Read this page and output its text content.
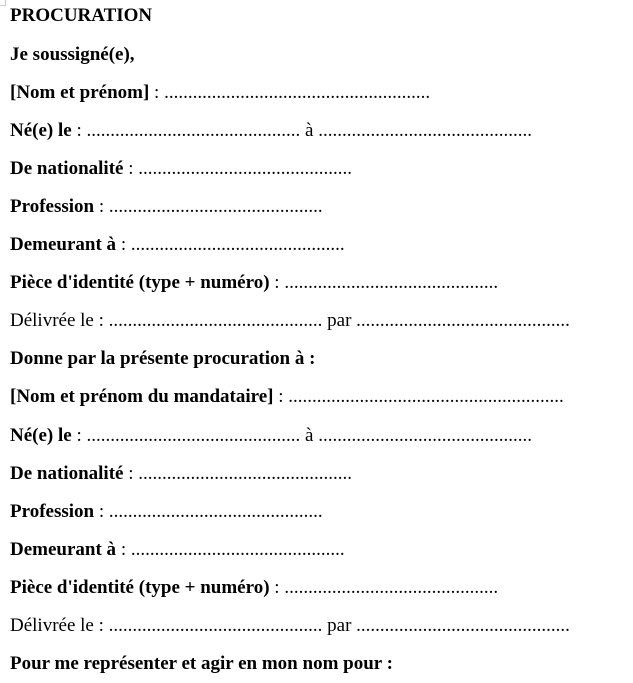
PROCURATION
Je soussigné(e),
[Nom et prénom] : ........................................................
Né(e) le : ............................................. à .............................................
De nationalité : .............................................
Profession : .............................................
Demeurant à : .............................................
Pièce d'identité (type + numéro) : .............................................
Délivrée le : ............................................. par .............................................
Donne par la présente procuration à :
[Nom et prénom du mandataire] : ..........................................................
Né(e) le : ............................................. à .............................................
De nationalité : .............................................
Profession : .............................................
Demeurant à : .............................................
Pièce d'identité (type + numéro) : .............................................
Délivrée le : ............................................. par .............................................
Pour me représenter et agir en mon nom pour :
